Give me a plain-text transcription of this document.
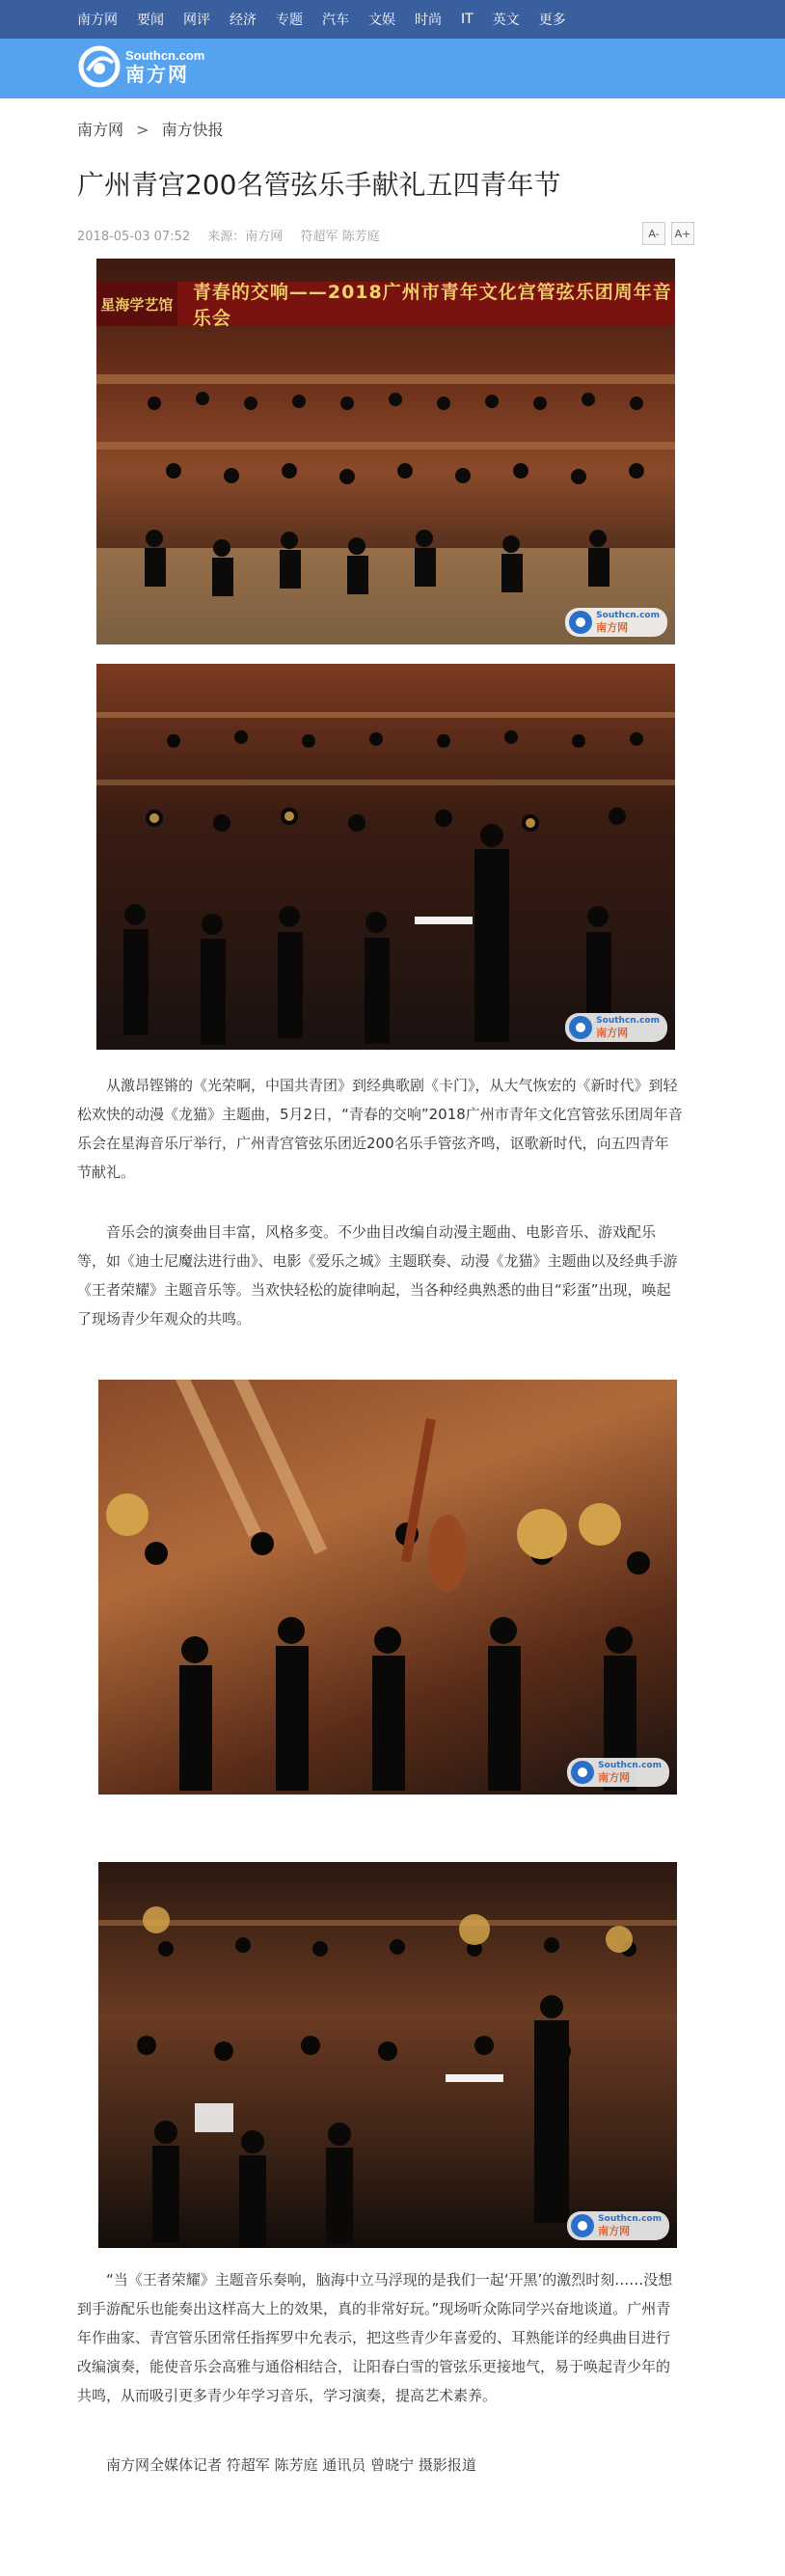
南方网 要闻 网评 经济 专题 汽车 文娱 时尚 IT 英文 更多
Southcn.com
南方网
南方网 > 南方快报
广州青宫200名管弦乐手献礼五四青年节
2018-05-03 07:52 来源：南方网 符超军 陈芳庭	A-	A+
星海学艺馆
青春的交响——2018广州市青年文化宫管弦乐团周年音乐会
Southcn.com
南方网
Southcn.com
南方网

从激昂铿锵的《光荣啊，中国共青团》到经典歌剧《卡门》，从大气恢宏的《新时代》到轻松欢快的动漫《龙猫》主题曲，5月2日，“青春的交响”2018广州市青年文化宫管弦乐团周年音乐会在星海音乐厅举行，广州青宫管弦乐团近200名乐手管弦齐鸣，讴歌新时代，向五四青年节献礼。

音乐会的演奏曲目丰富，风格多变。不少曲目改编自动漫主题曲、电影音乐、游戏配乐等，如《迪士尼魔法进行曲》、电影《爱乐之城》主题联奏、动漫《龙猫》主题曲以及经典手游《王者荣耀》主题音乐等。当欢快轻松的旋律响起，当各种经典熟悉的曲目“彩蛋”出现，唤起了现场青少年观众的共鸣。

Southcn.com
南方网
Southcn.com
南方网

“当《王者荣耀》主题音乐奏响，脑海中立马浮现的是我们一起‘开黑’的激烈时刻……没想到手游配乐也能奏出这样高大上的效果，真的非常好玩。”现场听众陈同学兴奋地谈道。广州青年作曲家、青宫管乐团常任指挥罗中允表示，把这些青少年喜爱的、耳熟能详的经典曲目进行改编演奏，能使音乐会高雅与通俗相结合，让阳春白雪的管弦乐更接地气，易于唤起青少年的共鸣，从而吸引更多青少年学习音乐，学习演奏，提高艺术素养。

南方网全媒体记者 符超军 陈芳庭 通讯员 曾晓宁 摄影报道
